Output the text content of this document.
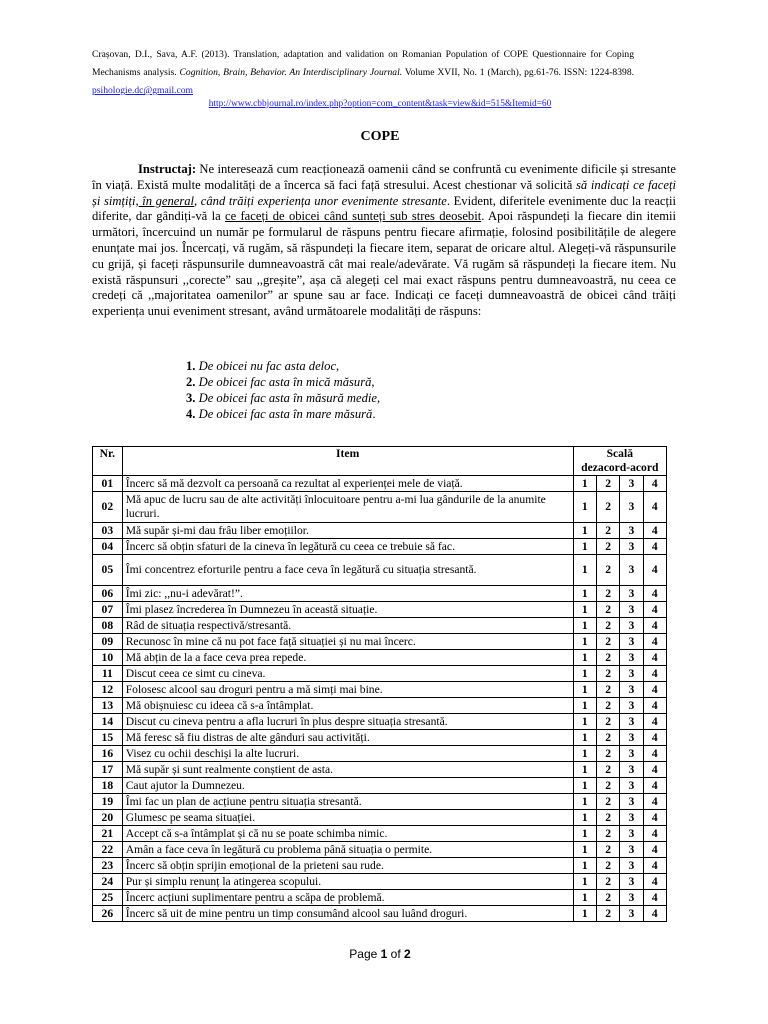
Crașovan, D.I., Sava, A.F. (2013). Translation, adaptation and validation on Romanian Population of COPE Questionnaire for Coping Mechanisms analysis. Cognition, Brain, Behavior. An Interdisciplinary Journal. Volume XVII, No. 1 (March), pg.61-76. ISSN: 1224-8398. psihologie.dc@gmail.com
http://www.cbbjournal.ro/index.php?option=com_content&task=view&id=515&Itemid=60
COPE
Instructaj: Ne interesează cum reacționează oamenii când se confruntă cu evenimente dificile și stresante în viață. Există multe modalități de a încerca să faci față stresului. Acest chestionar vă solicită să indicați ce faceți și simțiți, în general, când trăiți experiența unor evenimente stresante. Evident, diferitele evenimente duc la reacții diferite, dar gândiți-vă la ce faceți de obicei când sunteți sub stres deosebit. Apoi răspundeți la fiecare din itemii următori, încercuind un număr pe formularul de răspuns pentru fiecare afirmație, folosind posibilitățile de alegere enunțate mai jos. Încercați, vă rugăm, să răspundeți la fiecare item, separat de oricare altul. Alegeți-vă răspunsurile cu grijă, și faceți răspunsurile dumneavoastră cât mai reale/adevărate. Vă rugăm să răspundeți la fiecare item. Nu există răspunsuri ,,corecte” sau ,,greșite”, așa că alegeți cel mai exact răspuns pentru dumneavoastră, nu ceea ce credeți că ,,majoritatea oamenilor” ar spune sau ar face. Indicați ce faceți dumneavoastră de obicei când trăiți experiența unui eveniment stresant, având următoarele modalități de răspuns:
1. De obicei nu fac asta deloc,
2. De obicei fac asta în mică măsură,
3. De obicei fac asta în măsură medie,
4. De obicei fac asta în mare măsură.
Nr.	Item	Scală
dezacord-acord			
01	Încerc să mă dezvolt ca persoană ca rezultat al experienței mele de viață.	1	2	3	4
02	Mă apuc de lucru sau de alte activități înlocuitoare pentru a-mi lua gândurile de la anumite lucruri.	1	2	3	4
03	Mă supăr și-mi dau frâu liber emoțiilor.	1	2	3	4
04	Încerc să obțin sfaturi de la cineva în legătură cu ceea ce trebuie să fac.	1	2	3	4
05	Îmi concentrez eforturile pentru a face ceva în legătură cu situația stresantă.	1	2	3	4
06	Îmi zic: ,,nu-i adevărat!”.	1	2	3	4
07	Îmi plasez încrederea în Dumnezeu în această situație.	1	2	3	4
08	Râd de situația respectivă/stresantă.	1	2	3	4
09	Recunosc în mine că nu pot face față situației și nu mai încerc.	1	2	3	4
10	Mă abțin de la a face ceva prea repede.	1	2	3	4
11	Discut ceea ce simt cu cineva.	1	2	3	4
12	Folosesc alcool sau droguri pentru a mă simți mai bine.	1	2	3	4
13	Mă obișnuiesc cu ideea că s-a întâmplat.	1	2	3	4
14	Discut cu cineva pentru a afla lucruri în plus despre situația stresantă.	1	2	3	4
15	Mă feresc să fiu distras de alte gânduri sau activități.	1	2	3	4
16	Visez cu ochii deschiși la alte lucruri.	1	2	3	4
17	Mă supăr și sunt realmente conștient de asta.	1	2	3	4
18	Caut ajutor la Dumnezeu.	1	2	3	4
19	Îmi fac un plan de acțiune pentru situația stresantă.	1	2	3	4
20	Glumesc pe seama situației.	1	2	3	4
21	Accept că s-a întâmplat și că nu se poate schimba nimic.	1	2	3	4
22	Amân a face ceva în legătură cu problema până situația o permite.	1	2	3	4
23	Încerc să obțin sprijin emoțional de la prieteni sau rude.	1	2	3	4
24	Pur și simplu renunț la atingerea scopului.	1	2	3	4
25	Încerc acțiuni suplimentare pentru a scăpa de problemă.	1	2	3	4
26	Încerc să uit de mine pentru un timp consumând alcool sau luând droguri.	1	2	3	4
Page 1 of 2
